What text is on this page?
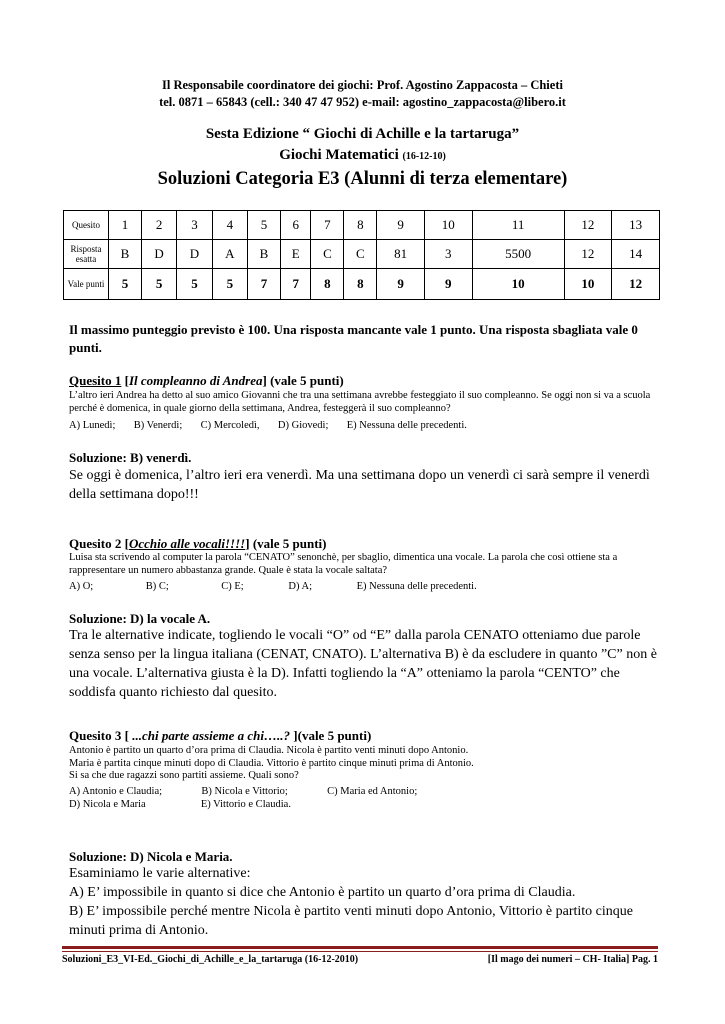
Il Responsabile coordinatore dei giochi: Prof. Agostino Zappacosta – Chieti
tel. 0871 – 65843 (cell.: 340 47 47 952) e-mail: agostino_zappacosta@libero.it
Sesta Edizione “ Giochi di Achille e la tartaruga”
Giochi Matematici (16-12-10)
Soluzioni Categoria E3 (Alunni di terza elementare)
Quesito	1	2	3	4	5	6	7	8	9	10	11	12	13
Risposta esatta	B	D	D	A	B	E	C	C	81	3	5500	12	14
Vale punti	5	5	5	5	7	7	8	8	9	9	10	10	12
Il massimo punteggio previsto è 100. Una risposta mancante vale 1 punto. Una risposta sbagliata vale 0 punti.
Quesito 1 [Il compleanno di Andrea] (vale 5 punti)
L’altro ieri Andrea ha detto al suo amico Giovanni che tra una settimana avrebbe festeggiato il suo compleanno. Se oggi non si va a scuola perché è domenica, in quale giorno della settimana, Andrea, festeggerà il suo compleanno?
A) Lunedì; B) Venerdì; C) Mercoledì, D) Giovedì; E) Nessuna delle precedenti.
Soluzione: B) venerdì.
Se oggi è domenica, l’altro ieri era venerdì. Ma una settimana dopo un venerdì ci sarà sempre il venerdì della settimana dopo!!!
Quesito 2 [Occhio alle vocali!!!!] (vale 5 punti)
Luisa sta scrivendo al computer la parola “CENATO” senonchè, per sbaglio, dimentica una vocale. La parola che così ottiene sta a rappresentare un numero abbastanza grande. Quale è stata la vocale saltata?
A) O;	B) C;	C) E;	D) A;	E) Nessuna delle precedenti.
Soluzione: D) la vocale A.
Tra le alternative indicate, togliendo le vocali “O” od “E” dalla parola CENATO otteniamo due parole senza senso per la lingua italiana (CENAT, CNATO). L’alternativa B) è da escludere in quanto ”C” non è una vocale. L’alternativa giusta è la D). Infatti togliendo la “A” otteniamo la parola “CENTO” che soddisfa quanto richiesto dal quesito.
Quesito 3 [ ...chi parte assieme a chi…..? ](vale 5 punti)
Antonio è partito un quarto d’ora prima di Claudia. Nicola è partito venti minuti dopo Antonio.
Maria è partita cinque minuti dopo di Claudia. Vittorio è partito cinque minuti prima di Antonio.
Si sa che due ragazzi sono partiti assieme. Quali sono?
A) Antonio e Claudia;	B) Nicola e Vittorio;	C) Maria ed Antonio;
D) Nicola e Maria	E) Vittorio e Claudia.
Soluzione: D) Nicola e Maria.
Esaminiamo le varie alternative:
A) E’ impossibile in quanto si dice che Antonio è partito un quarto d’ora prima di Claudia.
B) E’ impossibile perché mentre Nicola è partito venti minuti dopo Antonio, Vittorio è partito cinque minuti prima di Antonio.
Soluzioni_E3_VI-Ed._Giochi_di_Achille_e_la_tartaruga (16-12-2010)	[Il mago dei numeri – CH- Italia] Pag. 1
